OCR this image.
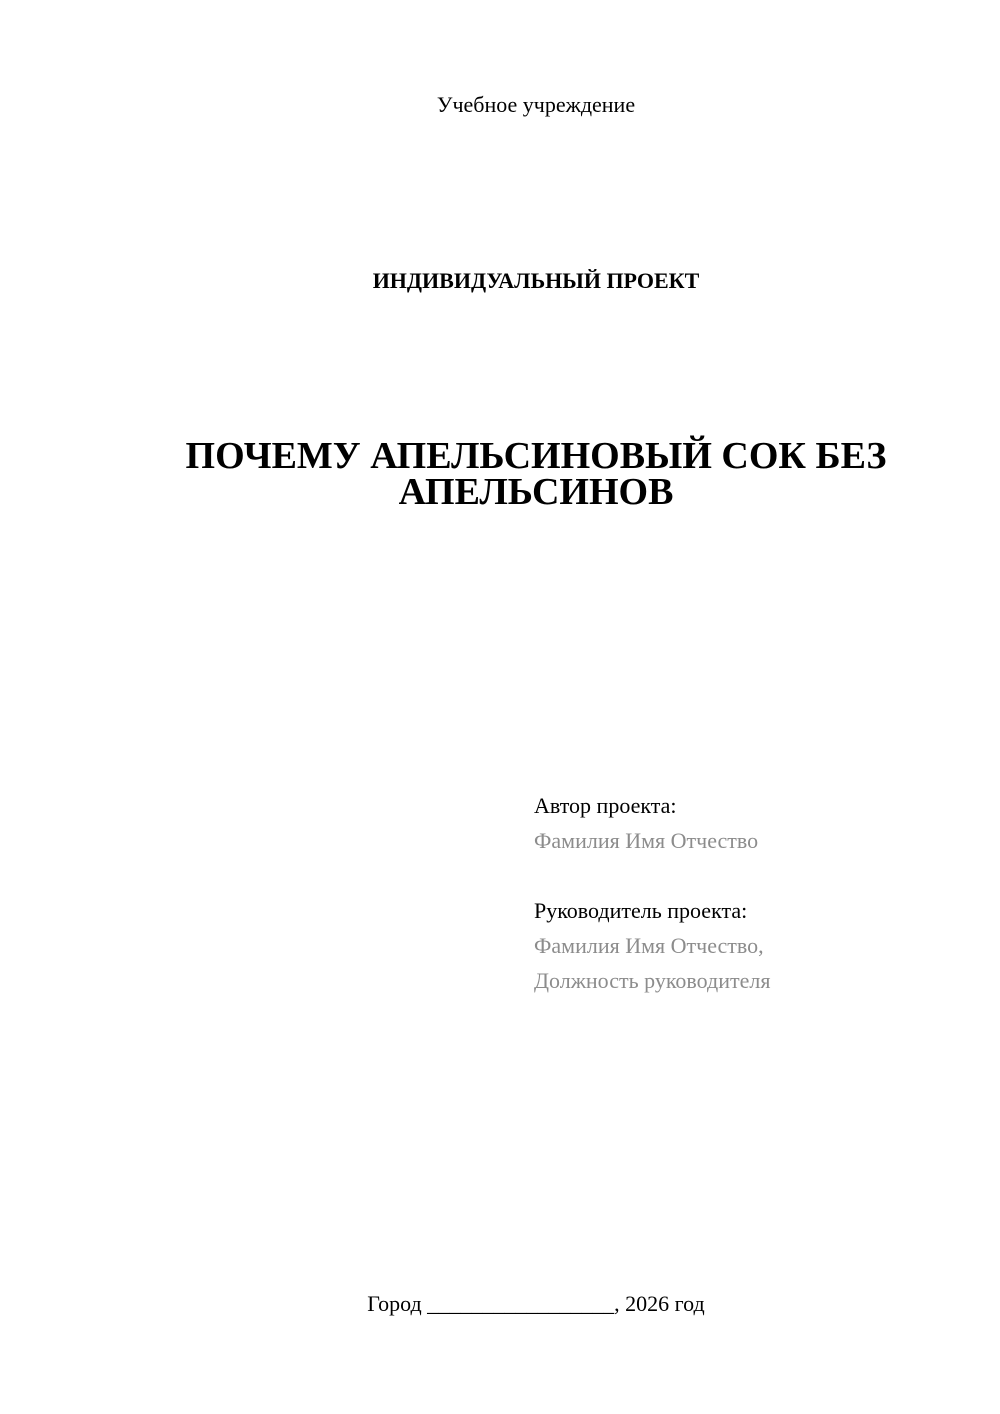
Учебное учреждение
ИНДИВИДУАЛЬНЫЙ ПРОЕКТ
ПОЧЕМУ АПЕЛЬСИНОВЫЙ СОК БЕЗ
АПЕЛЬСИНОВ
Автор проекта:
Фамилия Имя Отчество
Руководитель проекта:
Фамилия Имя Отчество,
Должность руководителя
Город _________________, 2026 год
